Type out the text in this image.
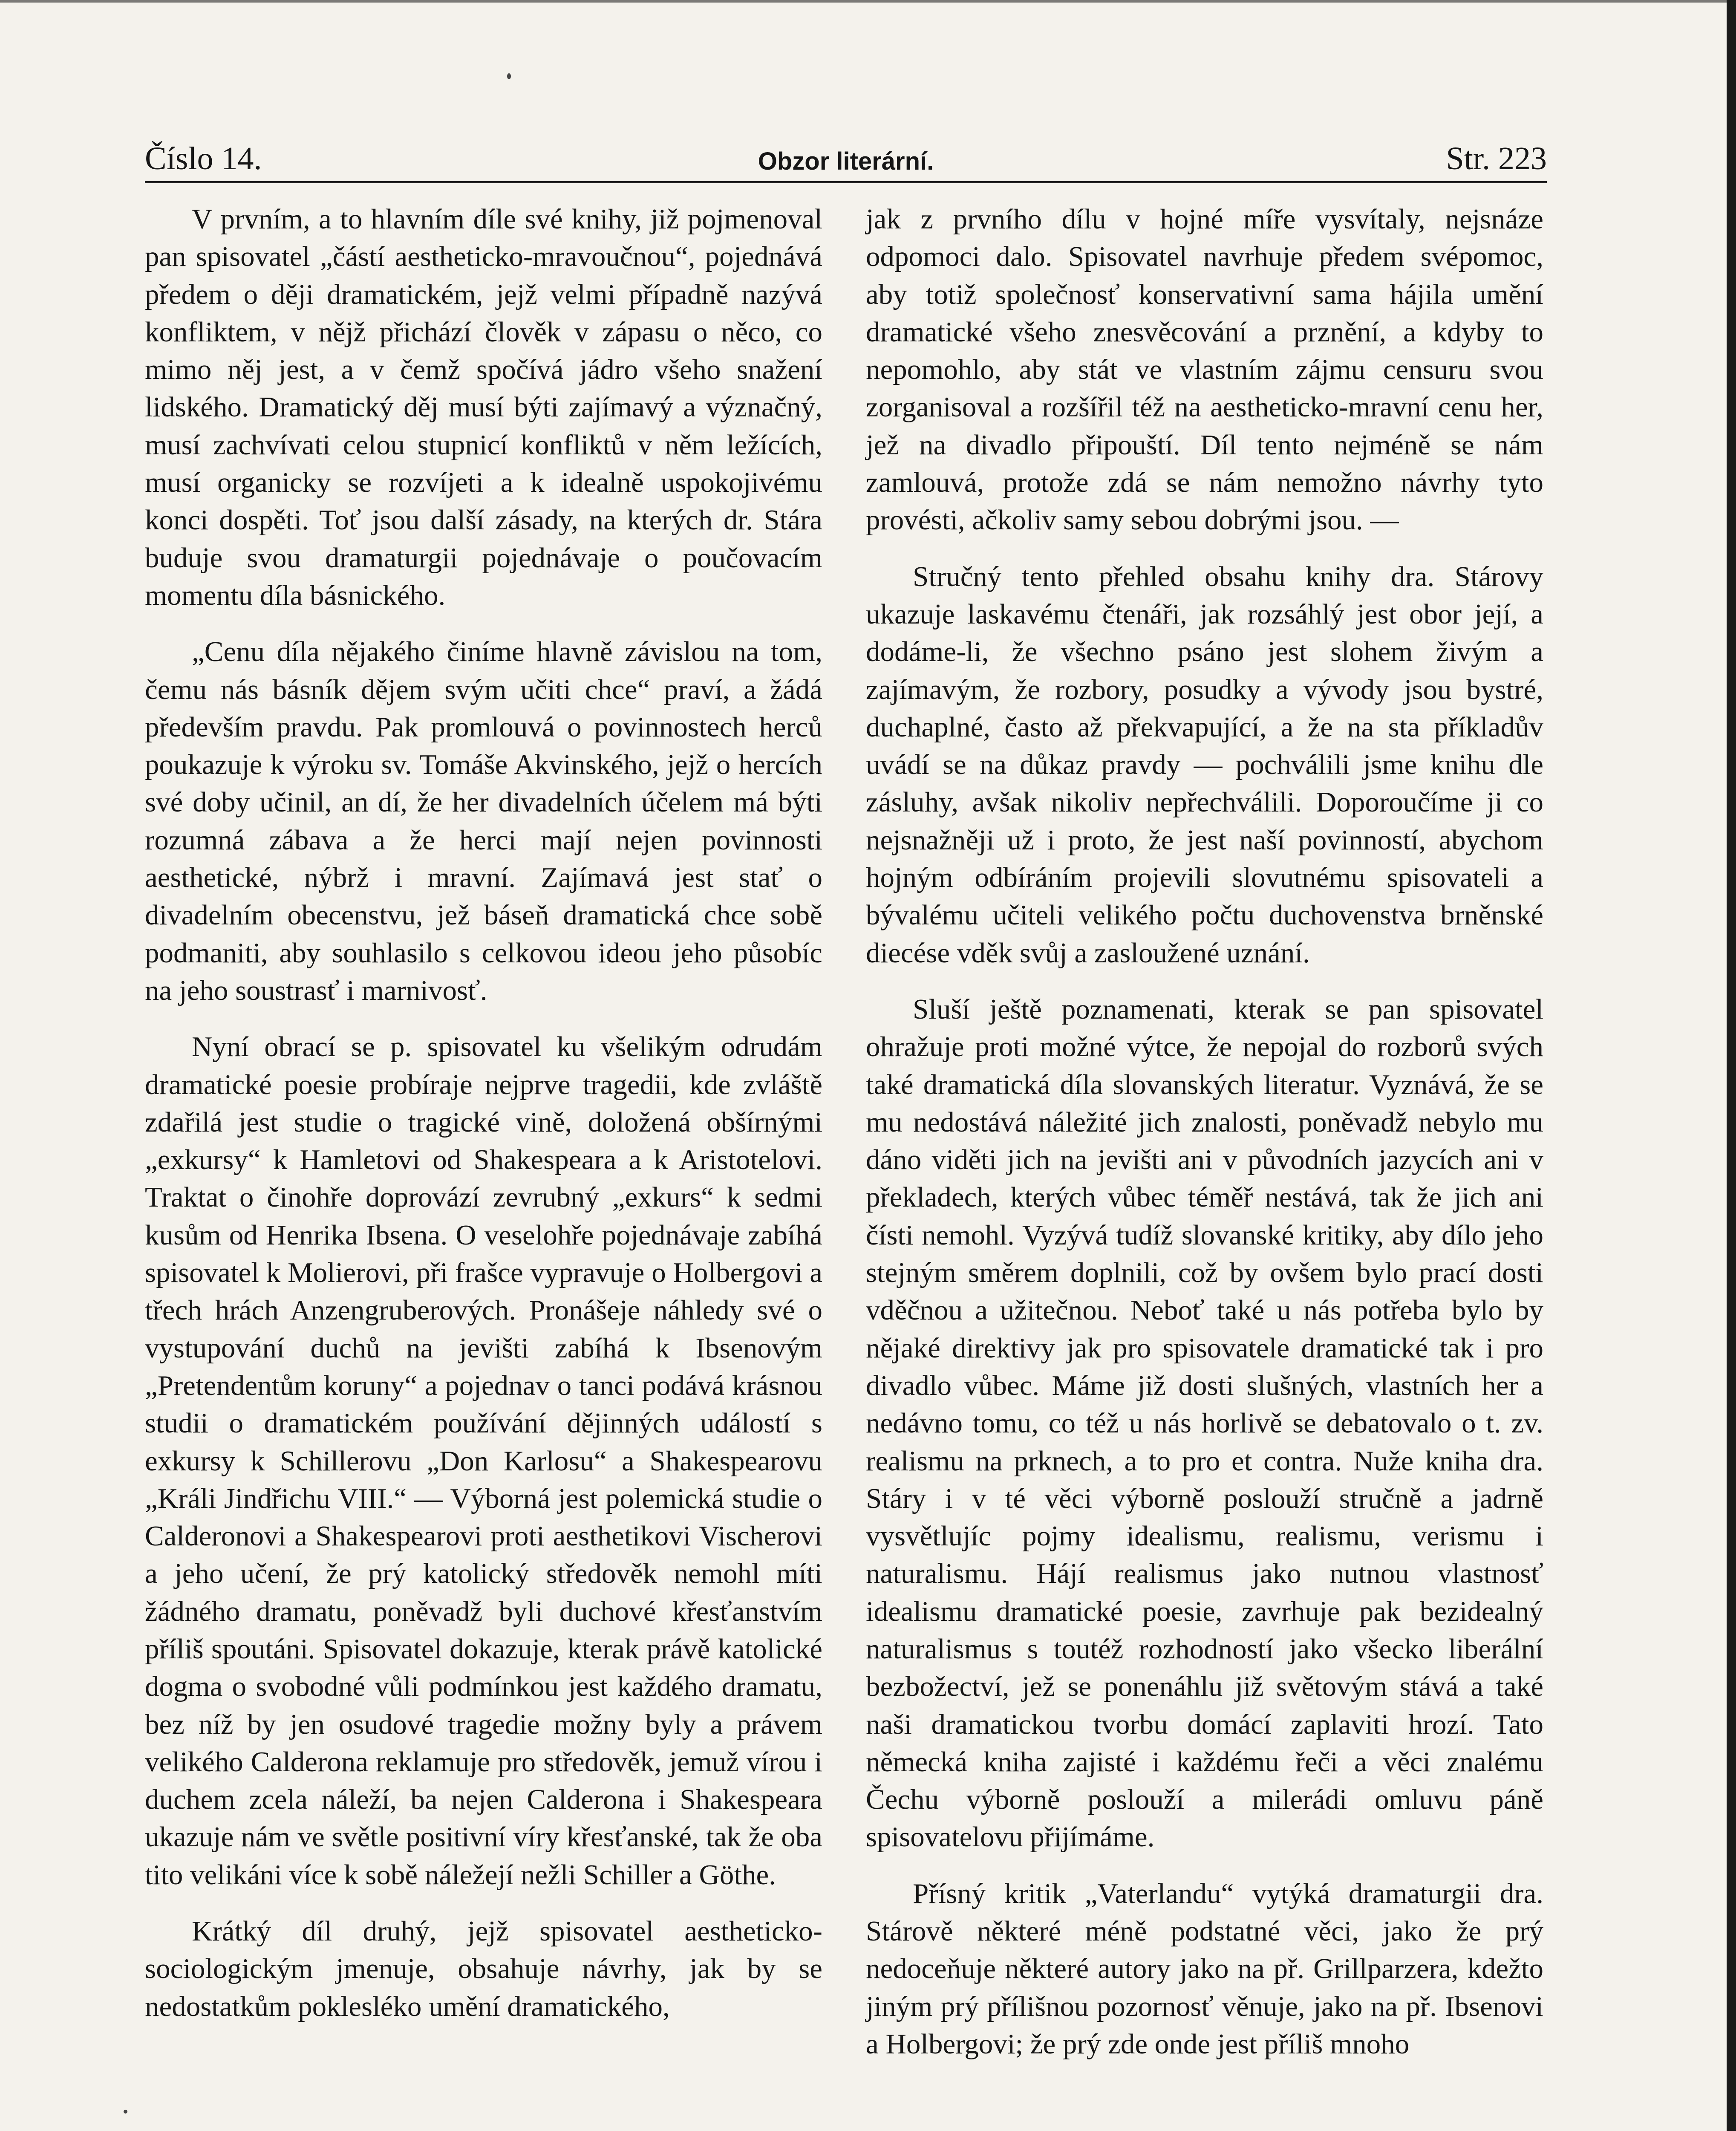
Číslo 14.	Obzor literární.	Str. 223

V prvním, a to hlavním díle své knihy, již pojmenoval pan spisovatel „částí aestheticko-mravoučnou“, pojednává předem o ději dramatickém, jejž velmi případně nazývá konfliktem, v nějž přichází člověk v zápasu o něco, co mimo něj jest, a v čemž spočívá jádro všeho snažení lidského. Dramatický děj musí býti zajímavý a význačný, musí zachvívati celou stupnicí konfliktů v něm ležících, musí organicky se rozvíjeti a k idealně uspokojivému konci dospěti. Toť jsou další zásady, na kterých dr. Stára buduje svou dramaturgii pojednávaje o poučovacím momentu díla básnického.

„Cenu díla nějakého činíme hlavně závislou na tom, čemu nás básník dějem svým učiti chce“ praví, a žádá především pravdu. Pak promlouvá o povinnostech herců poukazuje k výroku sv. Tomáše Akvinského, jejž o hercích své doby učinil, an dí, že her divadelních účelem má býti rozumná zábava a že herci mají nejen povinnosti aesthetické, nýbrž i mravní. Zajímavá jest stať o divadelním obecenstvu, jež báseň dramatická chce sobě podmaniti, aby souhlasilo s celkovou ideou jeho působíc na jeho soustrasť i marnivosť.

Nyní obrací se p. spisovatel ku všelikým odrudám dramatické poesie probíraje nejprve tragedii, kde zvláště zdařilá jest studie o tragické vině, doložená obšírnými „exkursy“ k Hamletovi od Shakespeara a k Aristotelovi. Traktat o činohře doprovází zevrubný „exkurs“ k sedmi kusům od Henrika Ibsena. O veselohře pojednávaje zabíhá spisovatel k Molierovi, při frašce vypravuje o Holbergovi a třech hrách Anzengruberových. Pronášeje náhledy své o vystupování duchů na jevišti zabíhá k Ibsenovým „Pretendentům koruny“ a pojednav o tanci podává krásnou studii o dramatickém používání dějinných událostí s exkursy k Schillerovu „Don Karlosu“ a Shakespearovu „Králi Jindřichu VIII.“ — Výborná jest polemická studie o Calderonovi a Shakespearovi proti aesthetikovi Vischerovi a jeho učení, že prý katolický středověk nemohl míti žádného dramatu, poněvadž byli duchové křesťanstvím příliš spoutáni. Spisovatel dokazuje, kterak právě katolické dogma o svobodné vůli podmínkou jest každého dramatu, bez níž by jen osudové tragedie možny byly a právem velikého Calderona reklamuje pro středověk, jemuž vírou i duchem zcela náleží, ba nejen Calderona i Shakespeara ukazuje nám ve světle positivní víry křesťanské, tak že oba tito velikáni více k sobě náležejí nežli Schiller a Göthe.

Krátký díl druhý, jejž spisovatel aestheticko-sociologickým jmenuje, obsahuje návrhy, jak by se nedostatkům poklesléko umění dramatického,

jak z prvního dílu v hojné míře vysvítaly, nejsnáze odpomoci dalo. Spisovatel navrhuje předem svépomoc, aby totiž společnosť konservativní sama hájila umění dramatické všeho znesvěcování a prznění, a kdyby to nepomohlo, aby stát ve vlastním zájmu censuru svou zorganisoval a rozšířil též na aestheticko-mravní cenu her, jež na divadlo připouští. Díl tento nejméně se nám zamlouvá, protože zdá se nám nemožno návrhy tyto provésti, ačkoliv samy sebou dobrými jsou. —

Stručný tento přehled obsahu knihy dra. Stárovy ukazuje laskavému čtenáři, jak rozsáhlý jest obor její, a dodáme-li, že všechno psáno jest slohem živým a zajímavým, že rozbory, posudky a vývody jsou bystré, duchaplné, často až překvapující, a že na sta příkladův uvádí se na důkaz pravdy –– pochválili jsme knihu dle zásluhy, avšak nikoliv nepřechválili. Doporoučíme ji co nejsnažněji už i proto, že jest naší povinností, abychom hojným odbíráním projevili slovutnému spisovateli a bývalému učiteli velikého počtu duchovenstva brněnské diecése vděk svůj a zasloužené uznání.

Sluší ještě poznamenati, kterak se pan spisovatel ohražuje proti možné výtce, že nepojal do rozborů svých také dramatická díla slovanských literatur. Vyznává, že se mu nedostává náležité jich znalosti, poněvadž nebylo mu dáno viděti jich na jevišti ani v původních jazycích ani v překladech, kterých vůbec téměř nestává, tak že jich ani čísti nemohl. Vyzývá tudíž slovanské kritiky, aby dílo jeho stejným směrem doplnili, což by ovšem bylo prací dosti vděčnou a užitečnou. Neboť také u nás potřeba bylo by nějaké direktivy jak pro spisovatele dramatické tak i pro divadlo vůbec. Máme již dosti slušných, vlastních her a nedávno tomu, co též u nás horlivě se debatovalo o t. zv. realismu na prknech, a to pro et contra. Nuže kniha dra. Stáry i v té věci výborně poslouží stručně a jadrně vysvětlujíc pojmy idealismu, realismu, verismu i naturalismu. Hájí realismus jako nutnou vlastnosť idealismu dramatické poesie, zavrhuje pak bezidealný naturalismus s toutéž rozhodností jako všecko liberální bezbožectví, jež se ponenáhlu již světovým stává a také naši dramatickou tvorbu domácí zaplaviti hrozí. Tato německá kniha zajisté i každému řeči a věci znalému Čechu výborně poslouží a milerádi omluvu páně spisovatelovu přijímáme.

Přísný kritik „Vaterlandu“ vytýká dramaturgii dra. Stárově některé méně podstatné věci, jako že prý nedoceňuje některé autory jako na př. Grillparzera, kdežto jiným prý přílišnou pozornosť věnuje, jako na př. Ibsenovi a Holbergovi; že prý zde onde jest příliš mnoho
